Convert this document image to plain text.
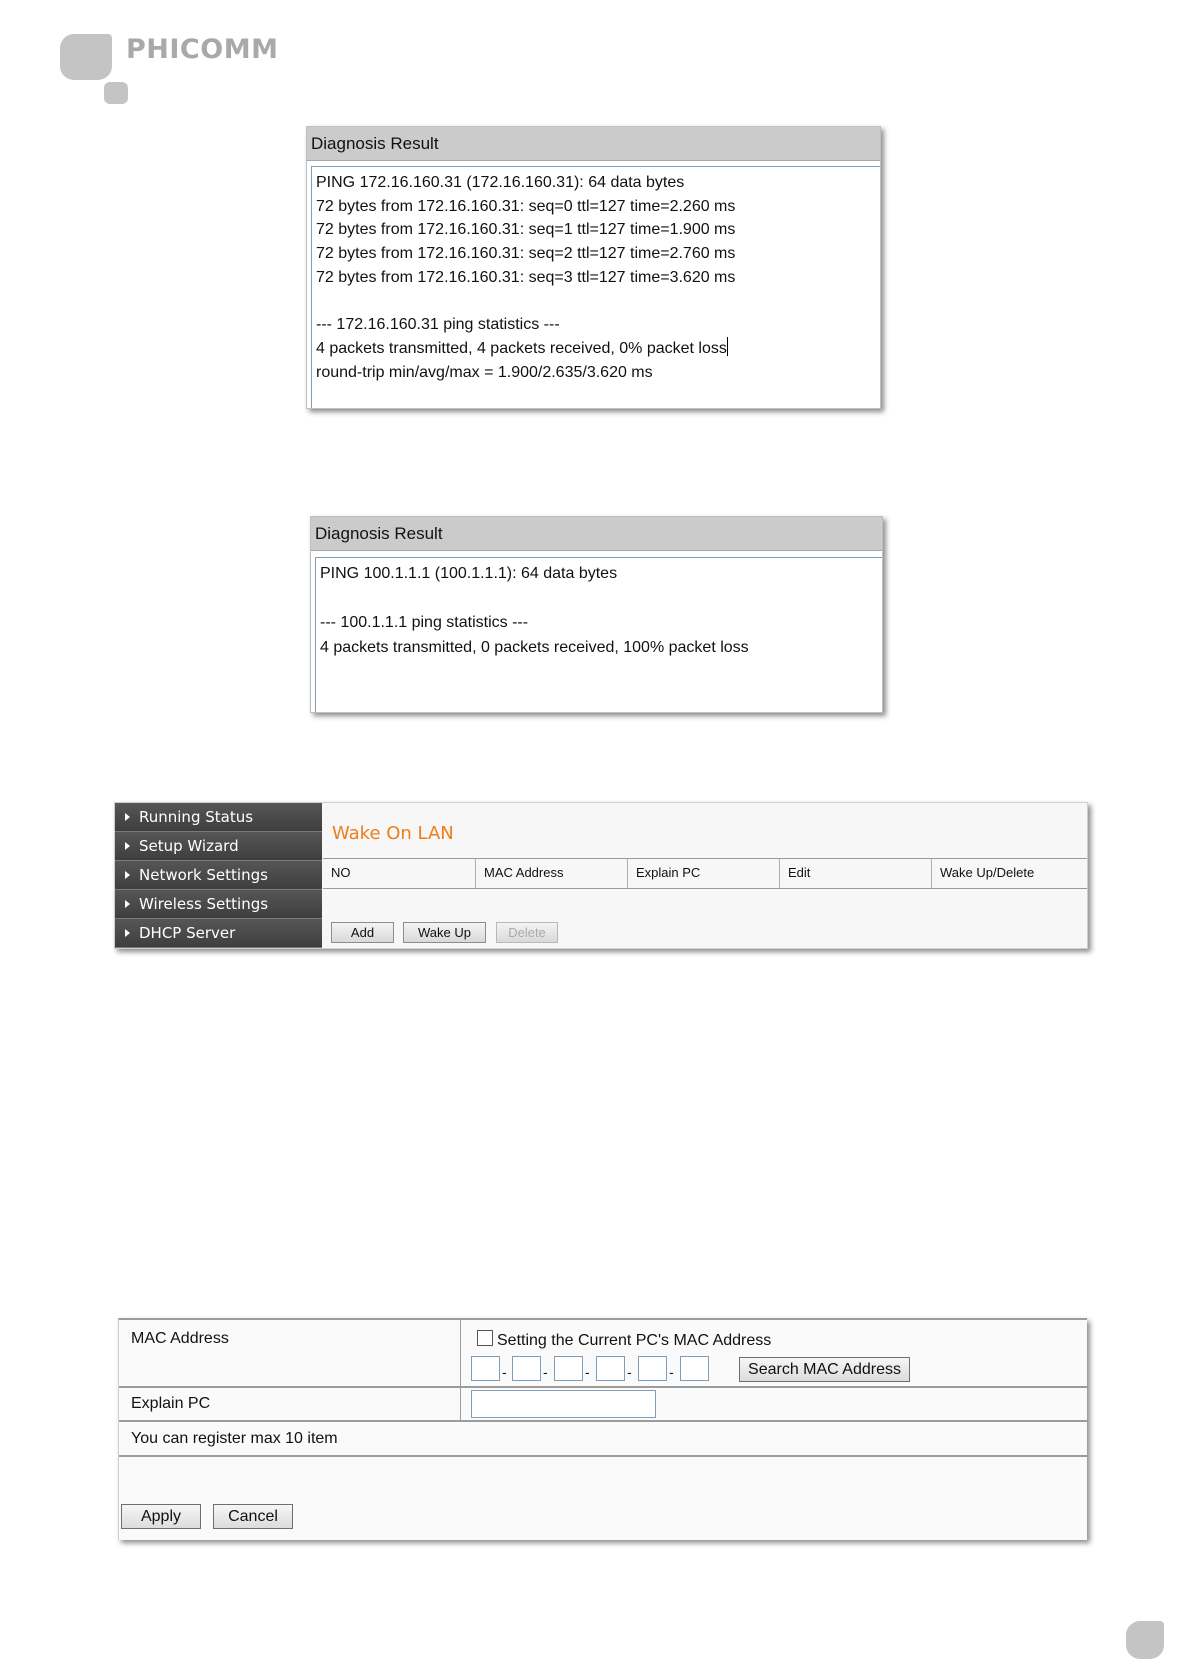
PHICOMM
Diagnosis Result
PING 172.16.160.31 (172.16.160.31): 64 data bytes
72 bytes from 172.16.160.31: seq=0 ttl=127 time=2.260 ms
72 bytes from 172.16.160.31: seq=1 ttl=127 time=1.900 ms
72 bytes from 172.16.160.31: seq=2 ttl=127 time=2.760 ms
72 bytes from 172.16.160.31: seq=3 ttl=127 time=3.620 ms

--- 172.16.160.31 ping statistics ---
4 packets transmitted, 4 packets received, 0% packet loss
round-trip min/avg/max = 1.900/2.635/3.620 ms
Diagnosis Result
PING 100.1.1.1 (100.1.1.1): 64 data bytes

--- 100.1.1.1 ping statistics ---
4 packets transmitted, 0 packets received, 100% packet loss
Running Status
Setup Wizard
Network Settings
Wireless Settings
DHCP Server
Wake On LAN
NO	MAC Address	Explain PC	Edit	Wake Up/Delete
Add	Wake Up	Delete
MAC Address	Setting the Current PC's MAC Address
-	-	-	-	-	Search MAC Address
Explain PC
You can register max 10 item
Apply	Cancel
